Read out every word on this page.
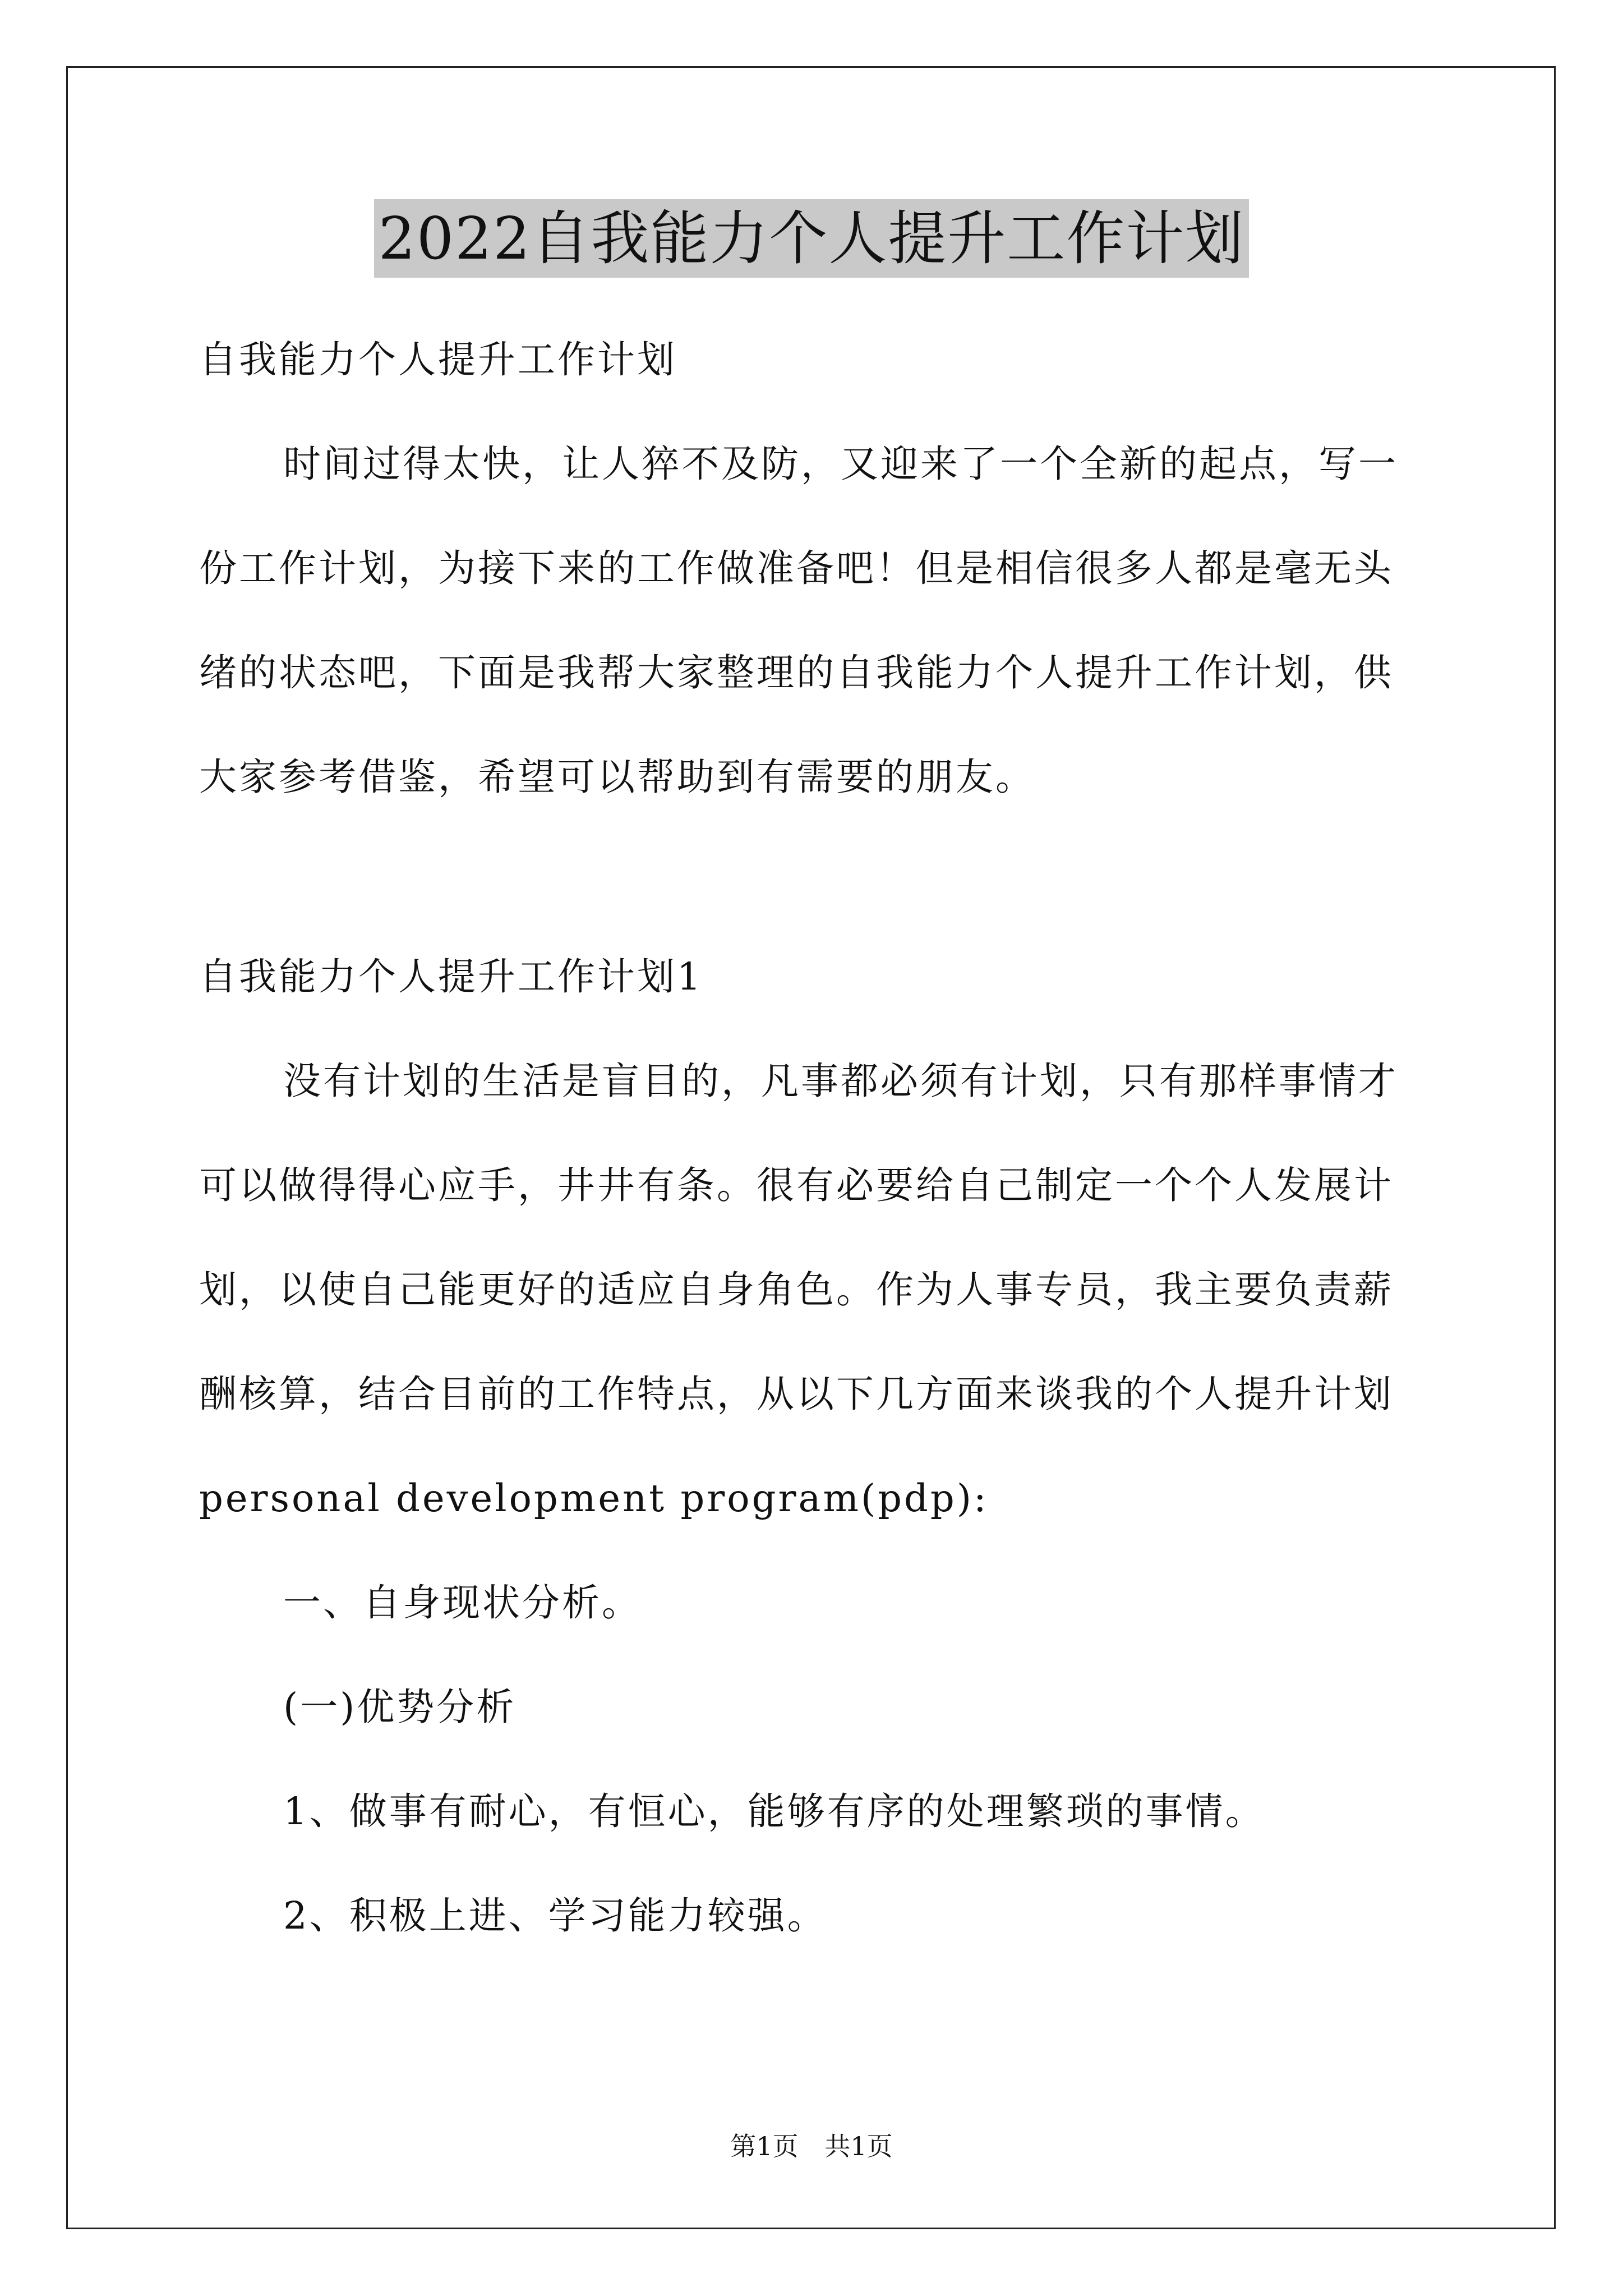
2022自我能力个人提升工作计划
自我能力个人提升工作计划
时间过得太快，让人猝不及防，又迎来了一个全新的起点，写一
份工作计划，为接下来的工作做准备吧！但是相信很多人都是毫无头
绪的状态吧，下面是我帮大家整理的自我能力个人提升工作计划，供
大家参考借鉴，希望可以帮助到有需要的朋友。
自我能力个人提升工作计划1
没有计划的生活是盲目的，凡事都必须有计划，只有那样事情才
可以做得得心应手，井井有条。很有必要给自己制定一个个人发展计
划，以使自己能更好的适应自身角色。作为人事专员，我主要负责薪
酬核算，结合目前的工作特点，从以下几方面来谈我的个人提升计划
personal development program(pdp):
一、自身现状分析。
(一)优势分析
1、做事有耐心，有恒心，能够有序的处理繁琐的事情。
2、积极上进、学习能力较强。
第1页 共1页
